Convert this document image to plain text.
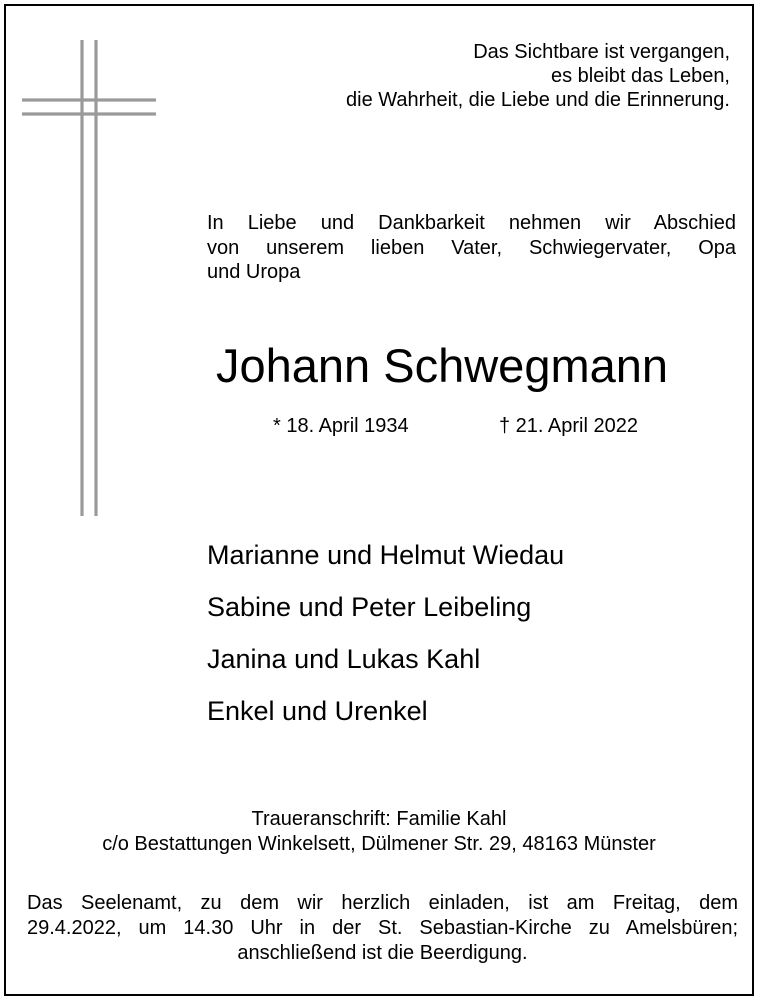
Das Sichtbare ist vergangen,
es bleibt das Leben,
die Wahrheit, die Liebe und die Erinnerung.
In Liebe und Dankbarkeit nehmen wir Abschied
von unserem lieben Vater, Schwiegervater, Opa
und Uropa
Johann Schwegmann
* 18. April 1934	† 21. April 2022
Marianne und Helmut Wiedau
Sabine und Peter Leibeling
Janina und Lukas Kahl
Enkel und Urenkel
Traueranschrift: Familie Kahl
c/o Bestattungen Winkelsett, Dülmener Str. 29, 48163 Münster
Das Seelenamt, zu dem wir herzlich einladen, ist am Freitag, dem
29.4.2022, um 14.30 Uhr in der St. Sebastian-Kirche zu Amelsbüren;
anschließend ist die Beerdigung.
